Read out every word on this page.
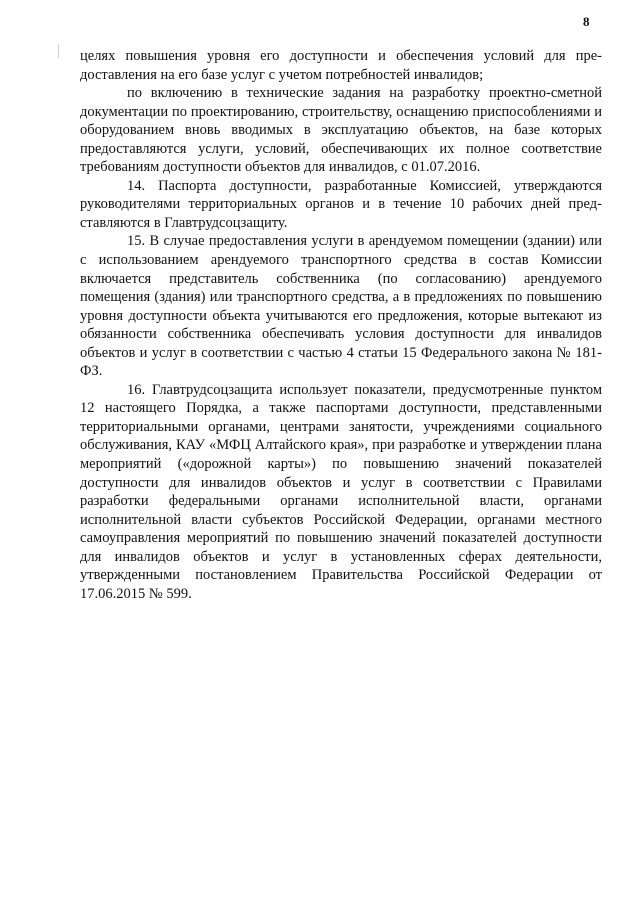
8

целях повышения уровня его доступности и обеспечения условий для предоставления на его базе услуг с учетом потребностей инвалидов;

по включению в технические задания на разработку проектно-сметной документации по проектированию, строительству, оснащению приспособлениями и оборудованием вновь вводимых в эксплуатацию объектов, на базе которых предоставляются услуги, условий, обеспечивающих их полное соответствие требованиям доступности объектов для инвалидов, с 01.07.2016.

14. Паспорта доступности, разработанные Комиссией, утверждаются руководителями территориальных органов и в течение 10 рабочих дней представляются в Главтрудсоцзащиту.

15. В случае предоставления услуги в арендуемом помещении (здании) или с использованием арендуемого транспортного средства в состав Комиссии включается представитель собственника (по согласованию) арендуемого помещения (здания) или транспортного средства, а в предложениях по повышению уровня доступности объекта учитываются его предложения, которые вытекают из обязанности собственника обеспечивать условия доступности для инвалидов объектов и услуг в соответствии с частью 4 статьи 15 Федерального закона № 181-ФЗ.

16. Главтрудсоцзащита использует показатели, предусмотренные пунктом 12 настоящего Порядка, а также паспортами доступности, представленными территориальными органами, центрами занятости, учреждениями социального обслуживания, КАУ «МФЦ Алтайского края», при разработке и утверждении плана мероприятий («дорожной карты») по повышению значений показателей доступности для инвалидов объектов и услуг в соответствии с Правилами разработки федеральными органами исполнительной власти, органами исполнительной власти субъектов Российской Федерации, органами местного самоуправления мероприятий по повышению значений показателей доступности для инвалидов объектов и услуг в установленных сферах деятельности, утвержденными постановлением Правительства Российской Федерации от 17.06.2015 № 599.
